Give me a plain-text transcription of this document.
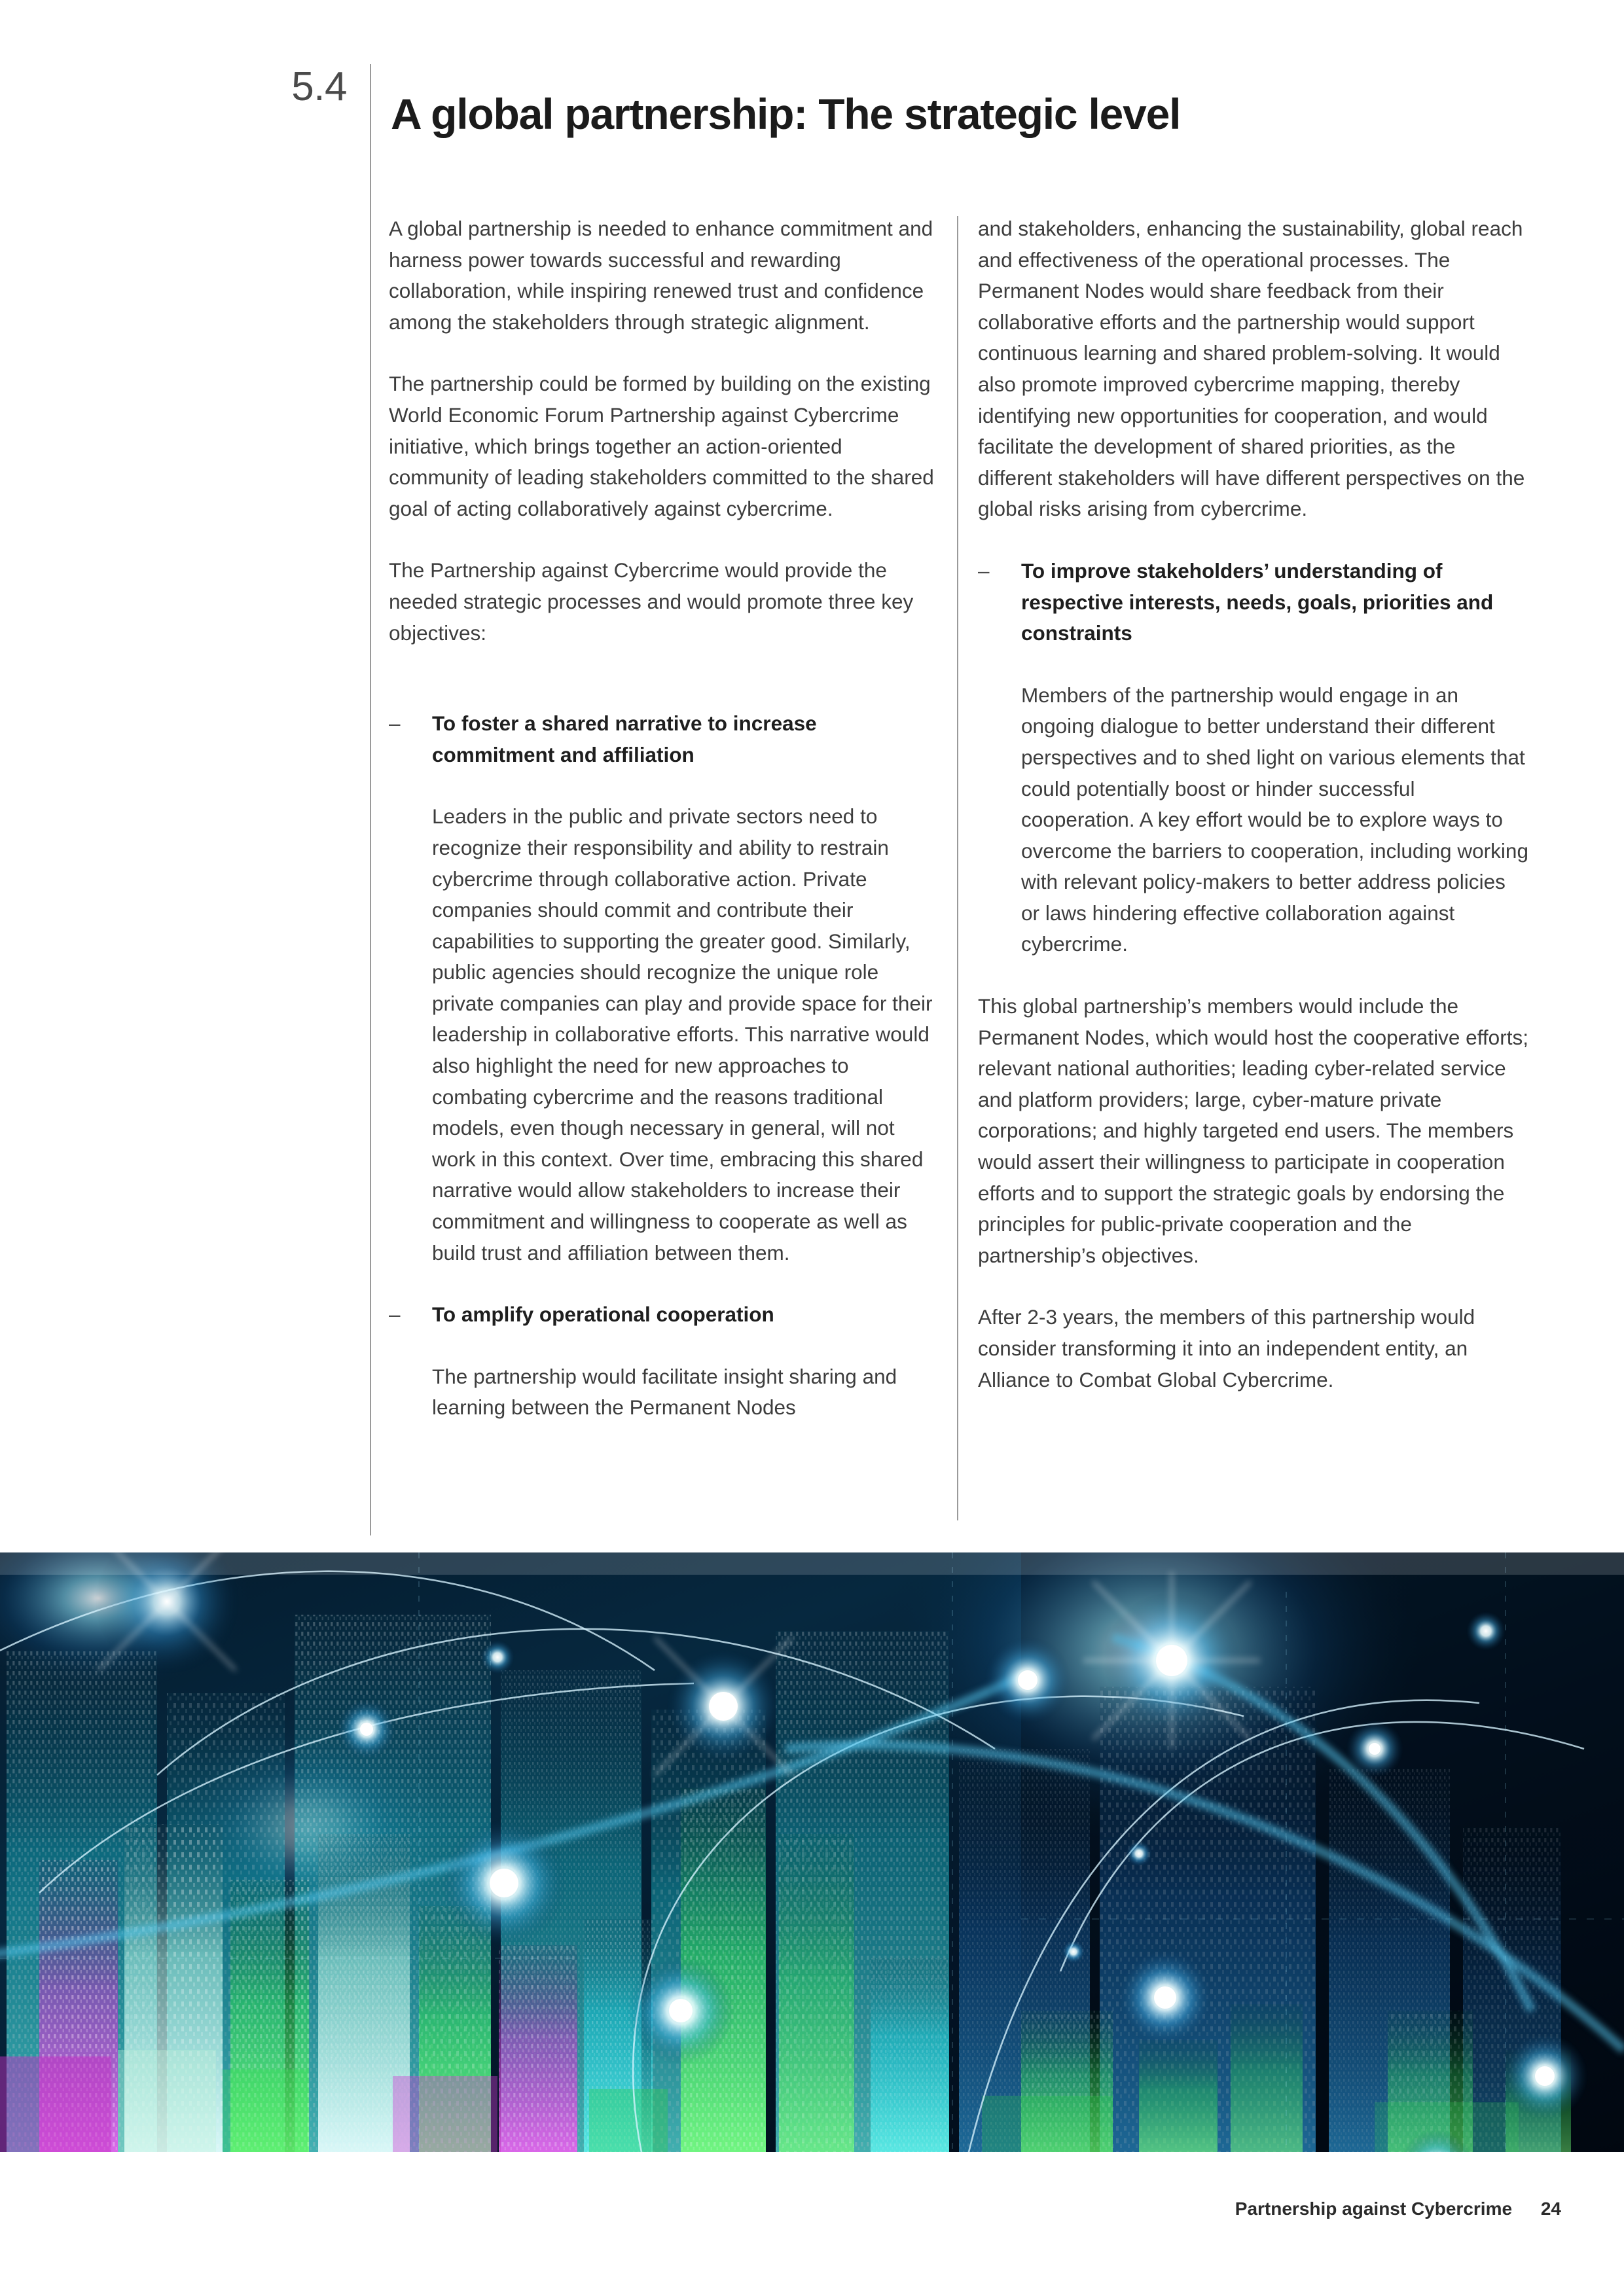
5.4
A global partnership: The strategic level

A global partnership is needed to enhance commitment and harness power towards successful and rewarding collaboration, while inspiring renewed trust and confidence among the stakeholders through strategic alignment.

The partnership could be formed by building on the existing World Economic Forum Partnership against Cybercrime initiative, which brings together an action-oriented community of leading stakeholders committed to the shared goal of acting collaboratively against cybercrime.

The Partnership against Cybercrime would provide the needed strategic processes and would promote three key objectives:

– To foster a shared narrative to increase commitment and affiliation

Leaders in the public and private sectors need to recognize their responsibility and ability to restrain cybercrime through collaborative action. Private companies should commit and contribute their capabilities to supporting the greater good. Similarly, public agencies should recognize the unique role private companies can play and provide space for their leadership in collaborative efforts. This narrative would also highlight the need for new approaches to combating cybercrime and the reasons traditional models, even though necessary in general, will not work in this context. Over time, embracing this shared narrative would allow stakeholders to increase their commitment and willingness to cooperate as well as build trust and affiliation between them.

– To amplify operational cooperation

The partnership would facilitate insight sharing and learning between the Permanent Nodes

and stakeholders, enhancing the sustainability, global reach and effectiveness of the operational processes. The Permanent Nodes would share feedback from their collaborative efforts and the partnership would support continuous learning and shared problem-solving. It would also promote improved cybercrime mapping, thereby identifying new opportunities for cooperation, and would facilitate the development of shared priorities, as the different stakeholders will have different perspectives on the global risks arising from cybercrime.

– To improve stakeholders’ understanding of respective interests, needs, goals, priorities and constraints

Members of the partnership would engage in an ongoing dialogue to better understand their different perspectives and to shed light on various elements that could potentially boost or hinder successful cooperation. A key effort would be to explore ways to overcome the barriers to cooperation, including working with relevant policy-makers to better address policies or laws hindering effective collaboration against cybercrime.

This global partnership’s members would include the Permanent Nodes, which would host the cooperative efforts; relevant national authorities; leading cyber-related service and platform providers; large, cyber-mature private corporations; and highly targeted end users. The members would assert their willingness to participate in cooperation efforts and to support the strategic goals by endorsing the principles for public-private cooperation and the partnership’s objectives.

After 2-3 years, the members of this partnership would consider transforming it into an independent entity, an Alliance to Combat Global Cybercrime.

Partnership against Cybercrime 24
